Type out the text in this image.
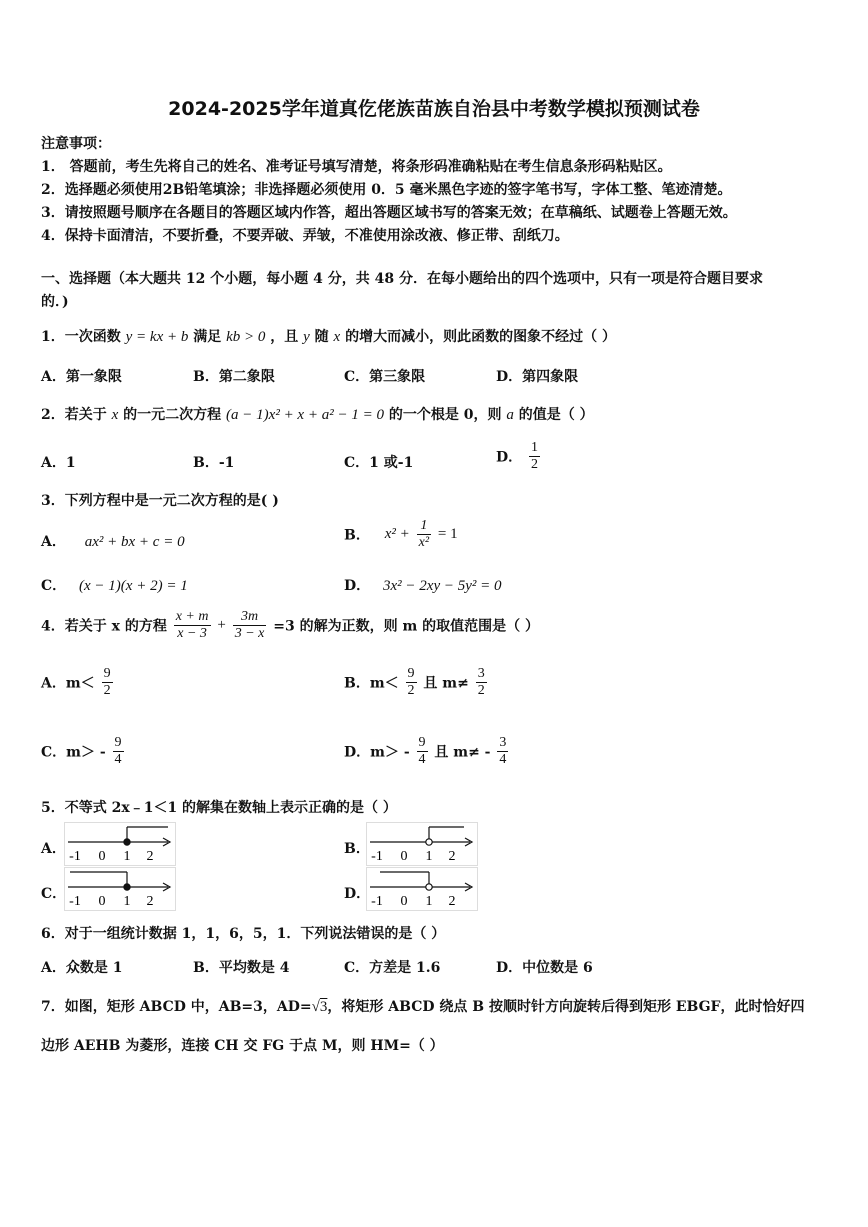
2024-2025学年道真仡佬族苗族自治县中考数学模拟预测试卷
注意事项：
1． 答题前，考生先将自己的姓名、准考证号填写清楚，将条形码准确粘贴在考生信息条形码粘贴区。
2．选择题必须使用2B铅笔填涂；非选择题必须使用 0．5 毫米黑色字迹的签字笔书写，字体工整、笔迹清楚。
3．请按照题号顺序在各题目的答题区域内作答，超出答题区域书写的答案无效；在草稿纸、试题卷上答题无效。
4．保持卡面清洁，不要折叠，不要弄破、弄皱，不准使用涂改液、修正带、刮纸刀。
一、选择题（本大题共 12 个小题，每小题 4 分，共 48 分．在每小题给出的四个选项中，只有一项是符合题目要求
的．)
1．一次函数 y = kx + b 满足 kb > 0 ，且 y 随 x 的增大而减小，则此函数的图象不经过（ ）
A．第一象限	B．第二象限	C．第三象限	D．第四象限
2．若关于 x 的一元二次方程 (a − 1)x² + x + a² − 1 = 0 的一个根是 0，则 a 的值是（ ）
A．1	B．-1	C．1 或-1	D． $\frac{1}{2}$
3．下列方程中是一元二次方程的是( )
A． ax² + bx + c = 0	B． $x^2 + \frac{1}{\text{x²}} = 1$
C． (x − 1)(x + 2) = 1	D． 3x² − 2xy − 5y² = 0
4．若关于 x 的方程 $\frac{x + m}{x - 3} + \frac{3m}{3 - x} =3$ 的解为正数，则 m 的取值范围是（ ）
A．$m< \frac{9}{2}$	B．$m< \frac{9}{2}$ 且 $m\ne \frac{3}{2}$
C．$m> - \frac{9}{4}$	D．$m> - \frac{9}{4}$ 且 $m\ne - \frac{3}{4}$
5．不等式 2x﹣1＜1 的解集在数轴上表示正确的是（ ）
A． -1 0 1 2	B． -1 0 1 2
C． -1 0 1 2	D． -1 0 1 2
6．对于一组统计数据 1，1，6，5，1．下列说法错误的是（ ）
A．众数是 1	B．平均数是 4	C．方差是 1.6	D．中位数是 6
7．如图，矩形 ABCD 中，AB=3，AD=√3，将矩形 ABCD 绕点 B 按顺时针方向旋转后得到矩形 EBGF，此时恰好四
边形 AEHB 为菱形，连接 CH 交 FG 于点 M，则 HM=（ ）
